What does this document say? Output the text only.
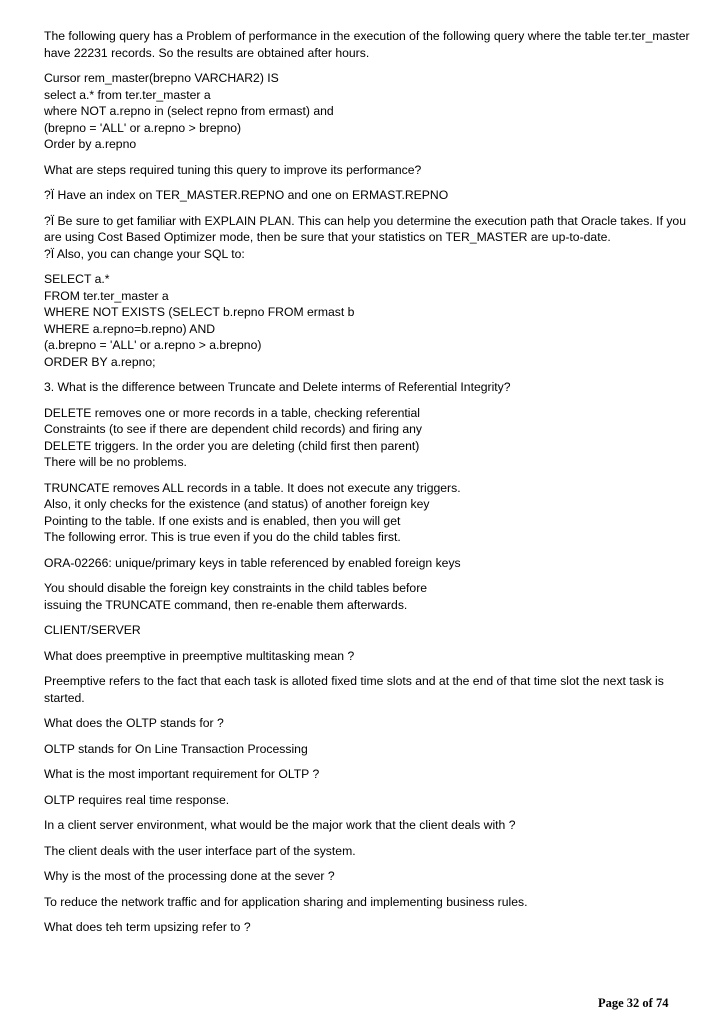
The following query has a Problem of performance in the execution of the following query where the table ter.ter_master
have 22231 records. So the results are obtained after hours.
Cursor rem_master(brepno VARCHAR2) IS
select a.* from ter.ter_master a
where NOT a.repno in (select repno from ermast) and
(brepno = 'ALL' or a.repno > brepno)
Order by a.repno
What are steps required tuning this query to improve its performance?
?Ï Have an index on TER_MASTER.REPNO and one on ERMAST.REPNO
?Ï Be sure to get familiar with EXPLAIN PLAN. This can help you determine the execution path that Oracle takes. If you
are using Cost Based Optimizer mode, then be sure that your statistics on TER_MASTER are up-to-date.
?Ï Also, you can change your SQL to:
SELECT a.*
FROM ter.ter_master a
WHERE NOT EXISTS (SELECT b.repno FROM ermast b
WHERE a.repno=b.repno) AND
(a.brepno = 'ALL' or a.repno > a.brepno)
ORDER BY a.repno;
3. What is the difference between Truncate and Delete interms of Referential Integrity?
DELETE removes one or more records in a table, checking referential
Constraints (to see if there are dependent child records) and firing any
DELETE triggers. In the order you are deleting (child first then parent)
There will be no problems.
TRUNCATE removes ALL records in a table. It does not execute any triggers.
Also, it only checks for the existence (and status) of another foreign key
Pointing to the table. If one exists and is enabled, then you will get
The following error. This is true even if you do the child tables first.
ORA-02266: unique/primary keys in table referenced by enabled foreign keys
You should disable the foreign key constraints in the child tables before
issuing the TRUNCATE command, then re-enable them afterwards.
CLIENT/SERVER
What does preemptive in preemptive multitasking mean ?
Preemptive refers to the fact that each task is alloted fixed time slots and at the end of that time slot the next task is
started.
What does the OLTP stands for ?
OLTP stands for On Line Transaction Processing
What is the most important requirement for OLTP ?
OLTP requires real time response.
In a client server environment, what would be the major work that the client deals with ?
The client deals with the user interface part of the system.
Why is the most of the processing done at the sever ?
To reduce the network traffic and for application sharing and implementing business rules.
What does teh term upsizing refer to ?
Page 32 of 74
